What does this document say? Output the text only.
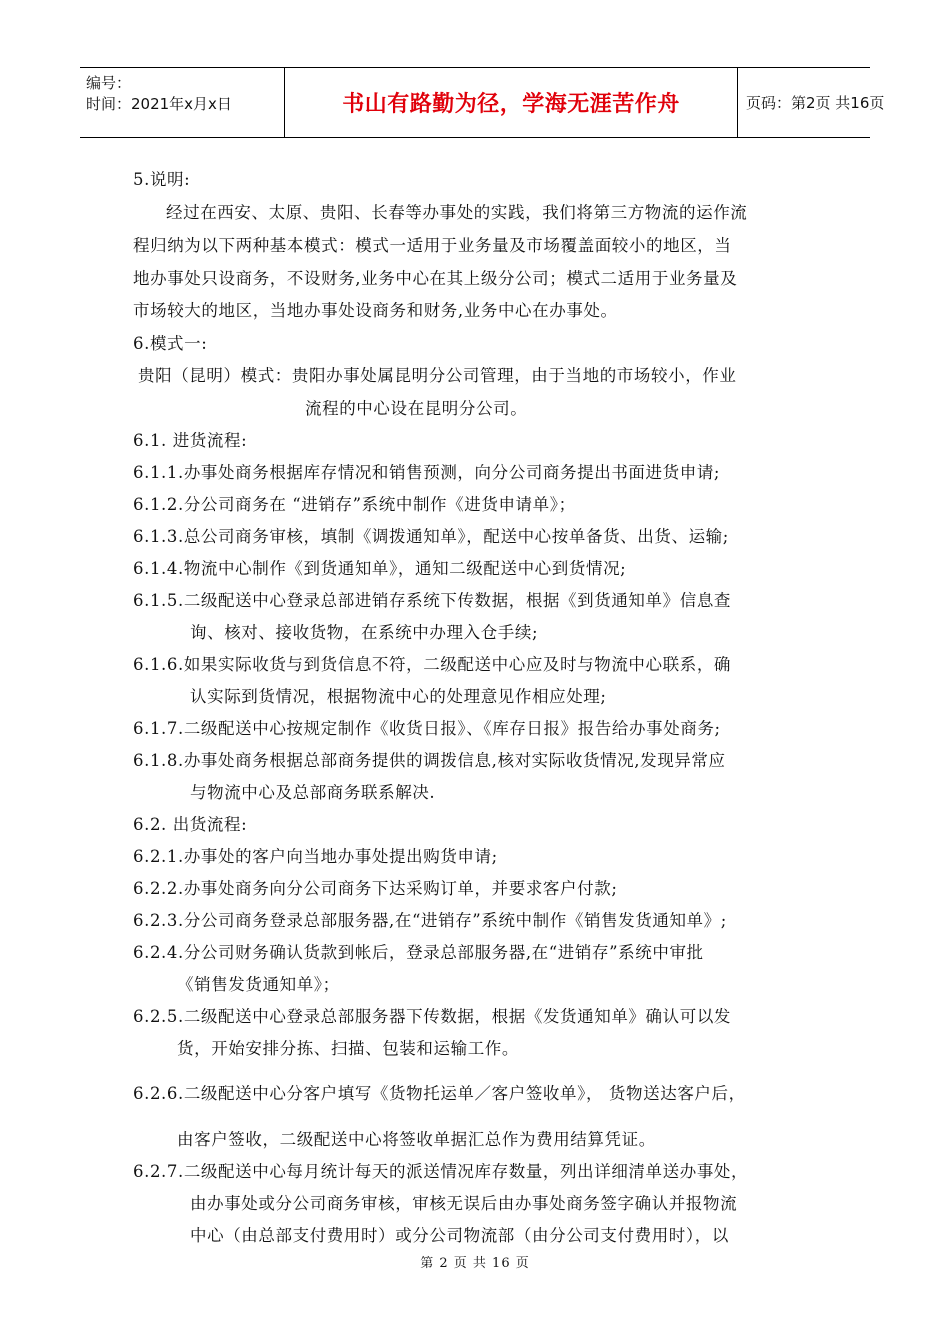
编号：
时间：2021年x月x日	书山有路勤为径，学海无涯苦作舟	页码：第2页 共16页
5.说明:
经过在西安、太原、贵阳、长春等办事处的实践，我们将第三方物流的运作流
程归纳为以下两种基本模式：模式一适用于业务量及市场覆盖面较小的地区，当
地办事处只设商务，不设财务,业务中心在其上级分公司；模式二适用于业务量及
市场较大的地区，当地办事处设商务和财务,业务中心在办事处。
6.模式一:
贵阳（昆明）模式：贵阳办事处属昆明分公司管理，由于当地的市场较小，作业
流程的中心设在昆明分公司。
6.1. 进货流程:
6.1.1.办事处商务根据库存情况和销售预测，向分公司商务提出书面进货申请;
6.1.2.分公司商务在 “进销存”系统中制作《进货申请单》；
6.1.3.总公司商务审核，填制《调拨通知单》，配送中心按单备货、出货、运输;
6.1.4.物流中心制作《到货通知单》，通知二级配送中心到货情况;
6.1.5.二级配送中心登录总部进销存系统下传数据，根据《到货通知单》信息查
询、核对、接收货物，在系统中办理入仓手续;
6.1.6.如果实际收货与到货信息不符，二级配送中心应及时与物流中心联系，确
认实际到货情况，根据物流中心的处理意见作相应处理;
6.1.7.二级配送中心按规定制作《收货日报》、《库存日报》报告给办事处商务;
6.1.8.办事处商务根据总部商务提供的调拨信息,核对实际收货情况,发现异常应
与物流中心及总部商务联系解决.
6.2. 出货流程:
6.2.1.办事处的客户向当地办事处提出购货申请;
6.2.2.办事处商务向分公司商务下达采购订单，并要求客户付款;
6.2.3.分公司商务登录总部服务器,在“进销存”系统中制作《销售发货通知单》;
6.2.4.分公司财务确认货款到帐后，登录总部服务器,在“进销存”系统中审批
《销售发货通知单》；
6.2.5.二级配送中心登录总部服务器下传数据，根据《发货通知单》确认可以发
货，开始安排分拣、扫描、包装和运输工作。
6.2.6.二级配送中心分客户填写《货物托运单／客户签收单》， 货物送达客户后，
由客户签收，二级配送中心将签收单据汇总作为费用结算凭证。
6.2.7.二级配送中心每月统计每天的派送情况库存数量，列出详细清单送办事处，
由办事处或分公司商务审核，审核无误后由办事处商务签字确认并报物流
中心（由总部支付费用时）或分公司物流部（由分公司支付费用时），以
第 2 页 共 16 页
